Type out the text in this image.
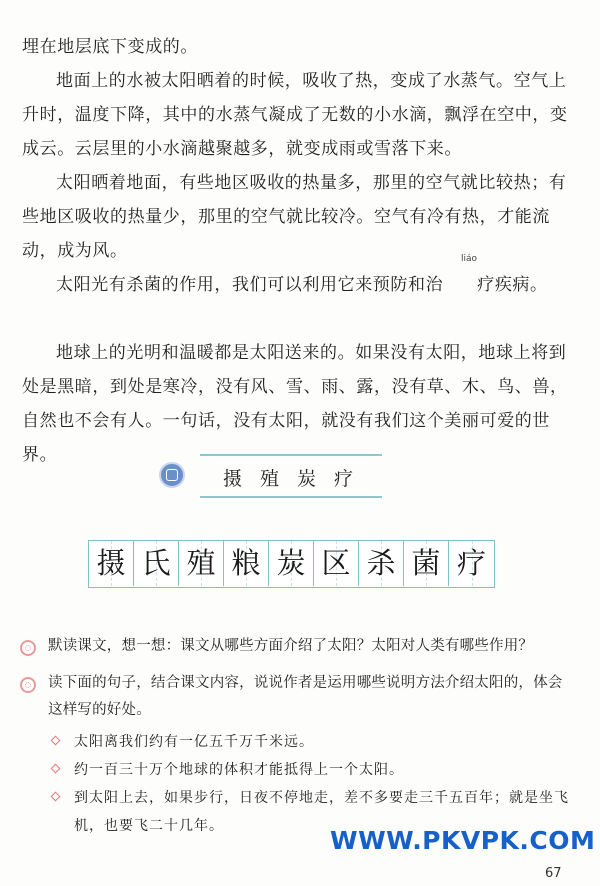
埋在地层底下变成的。

地面上的水被太阳晒着的时候，吸收了热，变成了水蒸气。空气上升时，温度下降，其中的水蒸气凝成了无数的小水滴，飘浮在空中，变成云。云层里的小水滴越聚越多，就变成雨或雪落下来。

太阳晒着地面，有些地区吸收的热量多，那里的空气就比较热；有些地区吸收的热量少，那里的空气就比较冷。空气有冷有热，才能流动，成为风。

太阳光有杀菌的作用，我们可以利用它来预防和治
liáo
疗疾病。

地球上的光明和温暖都是太阳送来的。如果没有太阳，地球上将到处是黑暗，到处是寒冷，没有风、雪、雨、露，没有草、木、鸟、兽，自然也不会有人。一句话，没有太阳，就没有我们这个美丽可爱的世界。

摄 殖 炭 疗
摄 氏 殖 粮 炭 区 杀 菌 疗

默读课文，想一想：课文从哪些方面介绍了太阳？太阳对人类有哪些作用？

读下面的句子，结合课文内容，说说作者是运用哪些说明方法介绍太阳的，体会这样写的好处。

太阳离我们约有一亿五千万千米远。

约一百三十万个地球的体积才能抵得上一个太阳。

到太阳上去，如果步行，日夜不停地走，差不多要走三千五百年；就是坐飞机，也要飞二十几年。	WWW.PKVPK.COM
67
